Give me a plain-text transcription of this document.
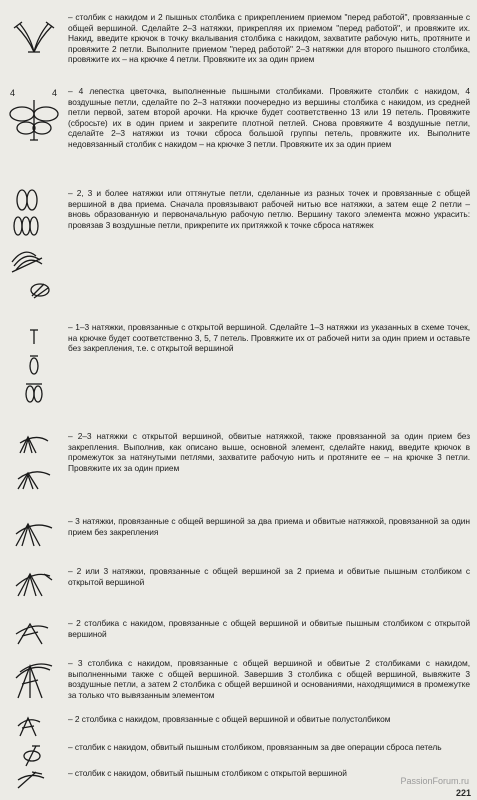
– столбик с накидом и 2 пышных столбика с прикреплением приемом "перед работой", провязанные с общей вершиной. Сделайте 2–3 натяжки, прикрепляя их приемом "перед работой", и провяжите их. Накид, введите крючок в точку вкалывания столбика с накидом, захватите рабочую нить, протяните и провяжите 2 петли. Выполните приемом "перед работой" 2–3 натяжки для второго пышного столбика, провяжите их – на крючке 4 петли. Провяжите их за один прием
4	4 – 4 лепестка цветочка, выполненные пышными столбиками. Провяжите столбик с накидом, 4 воздушные петли, сделайте по 2–3 натяжки поочередно из вершины столбика с накидом, из средней петли первой, затем второй арочки. На крючке будет соответственно 13 или 19 петель. Провяжите (сбросьте) их в один прием и закрепите плотной петлей. Снова провяжите 4 воздушные петли, сделайте 2–3 натяжки из точки сброса большой группы петель, провяжите их. Выполните недовязанный столбик с накидом – на крючке 3 петли. Провяжите их за один прием
– 2, 3 и более натяжки или оттянутые петли, сделанные из разных точек и провязанные с общей вершиной в два приема. Сначала провязывают рабочей нитью все натяжки, а затем еще 2 петли – вновь образованную и первоначальную рабочую петлю. Вершину такого элемента можно украсить: провязав 3 воздушные петли, прикрепите их притяжкой к точке сброса натяжек
– 1–3 натяжки, провязанные с открытой вершиной. Сделайте 1–3 натяжки из указанных в схеме точек, на крючке будет соответственно 3, 5, 7 петель. Провяжите их от рабочей нити за один прием и оставьте без закрепления, т.е. с открытой вершиной
– 2–3 натяжки с открытой вершиной, обвитые натяжкой, также провязанной за один прием без закрепления. Выполнив, как описано выше, основной элемент, сделайте накид, введите крючок в промежуток за натянутыми петлями, захватите рабочую нить и протяните ее – на крючке 3 петли. Провяжите их за один прием
– 3 натяжки, провязанные с общей вершиной за два приема и обвитые натяжкой, провязанной за один прием без закрепления
– 2 или 3 натяжки, провязанные с общей вершиной за 2 приема и обвитые пышным столбиком с открытой вершиной
– 2 столбика с накидом, провязанные с общей вершиной и обвитые пышным столбиком с открытой вершиной
– 3 столбика с накидом, провязанные с общей вершиной и обвитые 2 столбиками с накидом, выполненными также с общей вершиной. Завершив 3 столбика с общей вершиной, вывяжите 3 воздушные петли, а затем 2 столбика с общей вершиной и основаниями, находящимися в промежутке за только что вывязанным элементом
– 2 столбика с накидом, провязанные с общей вершиной и обвитые полустолбиком
– столбик с накидом, обвитый пышным столбиком, провязанным за две операции сброса петель
– столбик с накидом, обвитый пышным столбиком с открытой вершиной
PassionForum.ru
221
